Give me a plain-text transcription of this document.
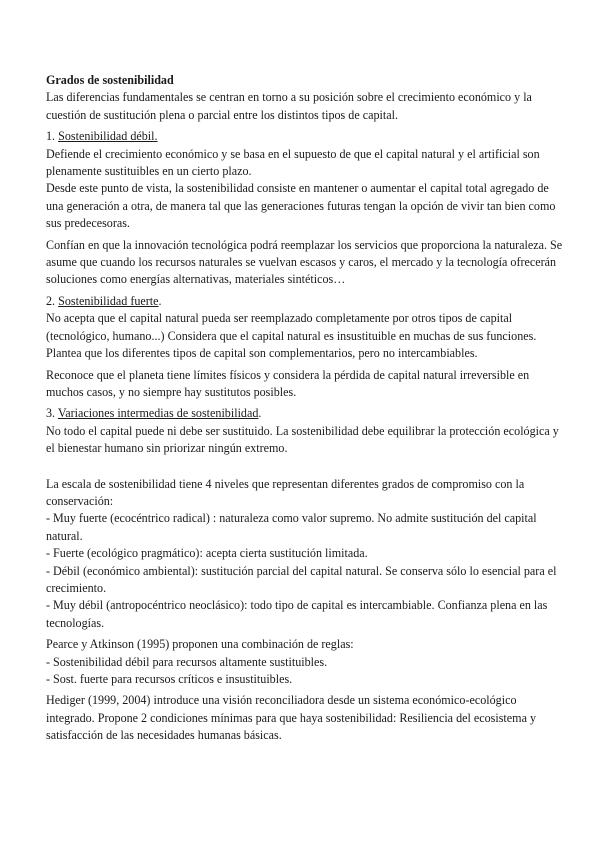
Grados de sostenibilidad

Las diferencias fundamentales se centran en torno a su posición sobre el crecimiento económico y la cuestión de sustitución plena o parcial entre los distintos tipos de capital.

1. Sostenibilidad débil.

Defiende el crecimiento económico y se basa en el supuesto de que el capital natural y el artificial son plenamente sustituibles en un cierto plazo.

Desde este punto de vista, la sostenibilidad consiste en mantener o aumentar el capital total agregado de una generación a otra, de manera tal que las generaciones futuras tengan la opción de vivir tan bien como sus predecesoras.

Confían en que la innovación tecnológica podrá reemplazar los servicios que proporciona la naturaleza. Se asume que cuando los recursos naturales se vuelvan escasos y caros, el mercado y la tecnología ofrecerán soluciones como energías alternativas, materiales sintéticos…

2. Sostenibilidad fuerte.

No acepta que el capital natural pueda ser reemplazado completamente por otros tipos de capital (tecnológico, humano...) Considera que el capital natural es insustituible en muchas de sus funciones. Plantea que los diferentes tipos de capital son complementarios, pero no intercambiables.

Reconoce que el planeta tiene límites físicos y considera la pérdida de capital natural irreversible en muchos casos, y no siempre hay sustitutos posibles.

3. Variaciones intermedias de sostenibilidad.

No todo el capital puede ni debe ser sustituido. La sostenibilidad debe equilibrar la protección ecológica y el bienestar humano sin priorizar ningún extremo.

La escala de sostenibilidad tiene 4 niveles que representan diferentes grados de compromiso con la conservación:

- Muy fuerte (ecocéntrico radical) : naturaleza como valor supremo. No admite sustitución del capital natural.

- Fuerte (ecológico pragmático): acepta cierta sustitución limitada.

- Débil (económico ambiental): sustitución parcial del capital natural. Se conserva sólo lo esencial para el crecimiento.

- Muy débil (antropocéntrico neoclásico): todo tipo de capital es intercambiable. Confianza plena en las tecnologías.

Pearce y Atkinson (1995) proponen una combinación de reglas:

- Sostenibilidad débil para recursos altamente sustituibles.

- Sost. fuerte para recursos críticos e insustituibles.

Hediger (1999, 2004) introduce una visión reconciliadora desde un sistema económico-ecológico integrado. Propone 2 condiciones mínimas para que haya sostenibilidad: Resiliencia del ecosistema y satisfacción de las necesidades humanas básicas.
